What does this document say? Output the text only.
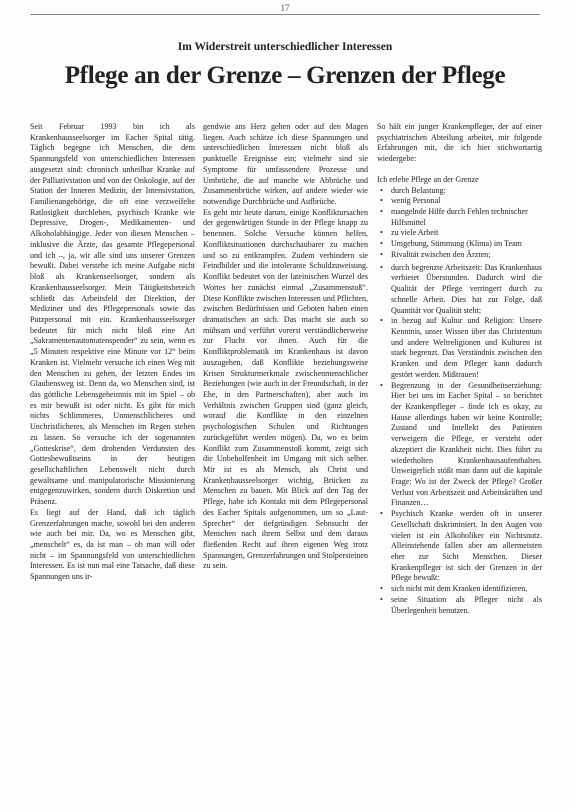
17
Im Widerstreit unterschiedlicher Interessen
Pflege an der Grenze – Grenzen der Pflege

Seit Februar 1993 bin ich als Krankenhausseelsorger im Eacher Spital tätig. Täglich begegne ich Menschen, die dem Spannungsfeld von unterschiedlichen Interessen ausgesetzt sind: chronisch unheilbar Kranke auf der Palliativstation und von der Onkologie, auf der Station der Inneren Medizin, der Intensivstation, Familienangehörige, die oft eine verzweifelte Ratlosigkeit durchleben, psychisch Kranke wie Depressive, Drogen-, Medikamenten- und Alkoholabhängige. Jeder von diesen Menschen – inklusive die Ärzte, das gesamte Pflegepersonal und ich –, ja, wir alle sind uns unserer Grenzen bewußt. Dabei verstehe ich meine Aufgabe nicht bloß als Krankenseelsorger, sondern als Krankenhausseelsorger. Mein Tätigkeitsbereich schließt das Arbeitsfeld der Direktion, der Mediziner und des Pflegepersonals sowie das Putzpersonal mit ein. Krankenhausseelsorger bedeutet für mich nicht bloß eine Art „Sakramentenautomatenspender“ zu sein, wenn es „5 Minuten respektive eine Minute vor 12“ beim Kranken ist. Vielmehr versuche ich einen Weg mit den Menschen zu gehen, der letzten Endes im Glaubensweg ist. Denn da, wo Menschen sind, ist das göttliche Lebensgeheimnis mit im Spiel – ob es mir bewußt ist oder nicht. Es gibt für mich nichts Schlimmeres, Unmenschlicheres und Unchristlicheres, als Menschen im Regen stehen zu lassen. So versuche ich der sogenannten „Gotteskrise“, dem drohenden Verdunsten des Gottesbewußtseins in der heutigen gesellschaftlichen Lebenswelt nicht durch gewaltsame und manipulatorische Missionierung entgegenzuwirken, sondern durch Diskretion und Präsenz.

Es liegt auf der Hand, daß ich täglich Grenzerfahrungen mache, sowohl bei den anderen wie auch bei mir. Da, wo es Menschen gibt, „menschelt“ es, da ist man – ob man will oder nicht – im Spannungsfeld von unterschiedlichen Interessen. Es ist nun mal eine Tatsache, daß diese Spannungen uns ir-

gendwie ans Herz gehen oder auf den Magen liegen. Auch schätze ich diese Spannungen und unterschiedlichen Interessen nicht bloß als punktuelle Ereignisse ein; vielmehr sind sie Symptome für umfassendere Prozesse und Umbrüche, die auf manche wie Abbrüche und Zusammenbrüche wirken, auf andere wieder wie notwendige Durchbrüche und Aufbrüche.

Es geht mir heute darum, einige Konfliktursachen der gegenwärtigen Stunde in der Pflege knapp zu benennen. Solche Versuche können helfen, Konfliktsituationen durchschaubarer zu machen und so zu entkrampfen. Zudem verhindern sie Feindbilder und die intolerante Schuldzuweisung. Konflikt bedeutet von der lateinischen Wurzel des Wortes her zunächst einmal „Zusammenstoß“. Diese Konflikte zwischen Interessen und Pflichten, zwischen Bedürfnissen und Geboten haben einen dramatischen an sich. Das macht sie auch so mühsam und verführt vorerst verständlicherweise zur Flucht vor ihnen. Auch für die Konfliktproblematik im Krankenhaus ist davon auszugehen, daß Konflikte beziehungsweise Krisen Strukturmerkmale zwischenmenschlicher Beziehungen (wie auch in der Freundschaft, in der Ehe, in den Partnerschaften), aber auch im Verhältnis zwischen Gruppen sind (ganz gleich, worauf die Konflikte in den einzelnen psychologischen Schulen und Richtungen zurückgeführt werden mögen). Da, wo es beim Konflikt zum Zusammenstoß kommt, zeigt sich die Unbeholfenheit im Umgang mit sich selber. Mir ist es als Mensch, als Christ und Krankenhausseelsorger wichtig, Brücken zu Menschen zu bauen. Mit Blick auf den Tag der Pflege, habe ich Kontakt mit dem Pflegepersonal des Eacher Spitals aufgenommen, um so „Laut-Sprecher“ der tiefgründigen Sehnsucht der Menschen nach ihrem Selbst und dem daraus fließenden Recht auf ihren eigenen Weg trotz Spannungen, Grenzerfahrungen und Stolpersteinen zu sein.

So hält ein junger Krankenpfleger, der auf einer psychiatrischen Abteilung arbeitet, mir folgende Erfahrungen mit, die ich hier stichwortartig wiedergebe:

Ich erlebe Pflege an der Grenze

• durch Belastung:
• wenig Personal
• mangelnde Hilfe durch Fehlen technischer Hilfsmittel
• zu viele Arbeit
• Umgebung, Stimmung (Klima) im Team
• Rivalität zwischen den Ärzten;
• durch begrenzte Arbeitszeit: Das Krankenhaus verbietet Überstunden. Dadurch wird die Qualität der Pflege verringert durch zu schnelle Arbeit. Dies hat zur Folge, daß Quantität vor Qualität steht;
• in bezug auf Kultur und Religion: Unsere Kenntnis, unser Wissen über das Christentum und andere Weltreligionen und Kulturen ist stark begrenzt. Das Verständnis zwischen den Kranken und dem Pfleger kann dadurch gestört werden. Mißtrauen!
• Begrenzung in der Gesundheitserziehung: Hier bei uns im Eacher Spital – so berichtet der Krankenpfleger – finde ich es okay, zu Hause allerdings haben wir keine Kontrolle; Zustand und Intellekt des Patienten verweigern die Pflege, er versteht oder akzeptiert die Krankheit nicht. Dies führt zu wiederholten Krankenhausaufenthalten. Unweigerlich stößt man dann auf die kapitale Frage: Wo ist der Zweck der Pflege? Großer Verlust von Arbeitszeit und Arbeitskräften und Finanzen…
• Psychisch Kranke werden oft in unserer Gesellschaft diskriminiert. In den Augen von vielen ist ein Alkoholiker ein Nichtsnutz. Alleinstehende fallen aber am allermeisten eher zur Sicht Menschen. Dieser Krankenpfleger ist sich der Grenzen in der Pflege bewußt:
• sich nicht mit dem Kranken identifizieren,
• seine Situation als Pfleger nicht als Überlegenheit benutzen.
